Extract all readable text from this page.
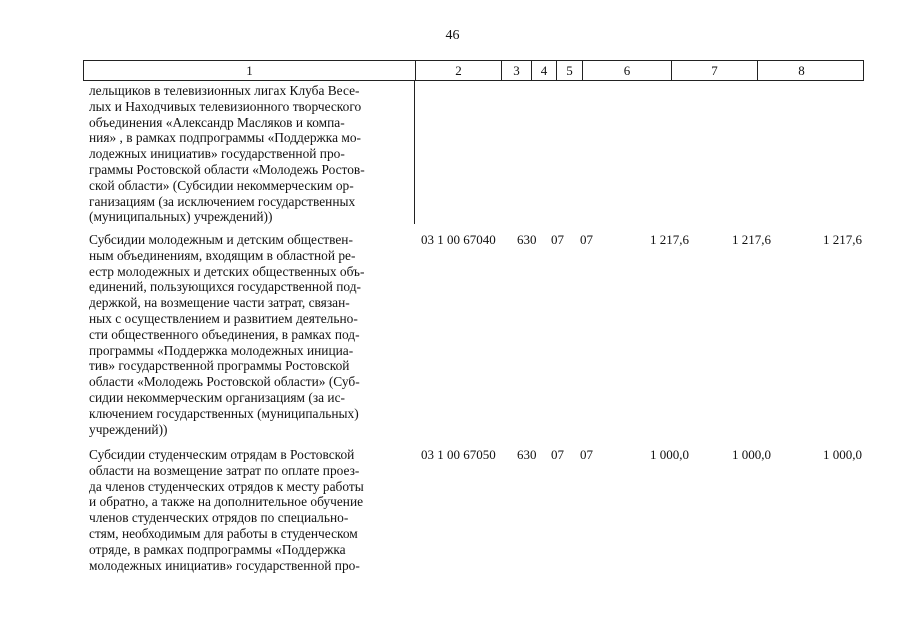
46
1	2	3	4	5	6	7	8
лельщиков в телевизионных лигах Клуба Весе-
лых и Находчивых телевизионного творческого
объединения «Александр Масляков и компа-
ния» , в рамках подпрограммы «Поддержка мо-
лодежных инициатив» государственной про-
граммы Ростовской области «Молодежь Ростов-
ской области» (Субсидии некоммерческим ор-
ганизациям (за исключением государственных
(муниципальных) учреждений))
Субсидии молодежным и детским обществен-
ным объединениям, входящим в областной ре-
естр молодежных и детских общественных объ-
единений, пользующихся государственной под-
держкой, на возмещение части затрат, связан-
ных с осуществлением и развитием деятельно-
сти общественного объединения, в рамках под-
программы «Поддержка молодежных инициа-
тив» государственной программы Ростовской
области «Молодежь Ростовской области» (Суб-
сидии некоммерческим организациям (за ис-
ключением государственных (муниципальных)
учреждений))
03 1 00 67040 630 07 07	1 217,6	1 217,6	1 217,6
Субсидии студенческим отрядам в Ростовской
области на возмещение затрат по оплате проез-
да членов студенческих отрядов к месту работы
и обратно, а также на дополнительное обучение
членов студенческих отрядов по специально-
стям, необходимым для работы в студенческом
отряде, в рамках подпрограммы «Поддержка
молодежных инициатив» государственной про-
03 1 00 67050 630 07 07	1 000,0	1 000,0	1 000,0
